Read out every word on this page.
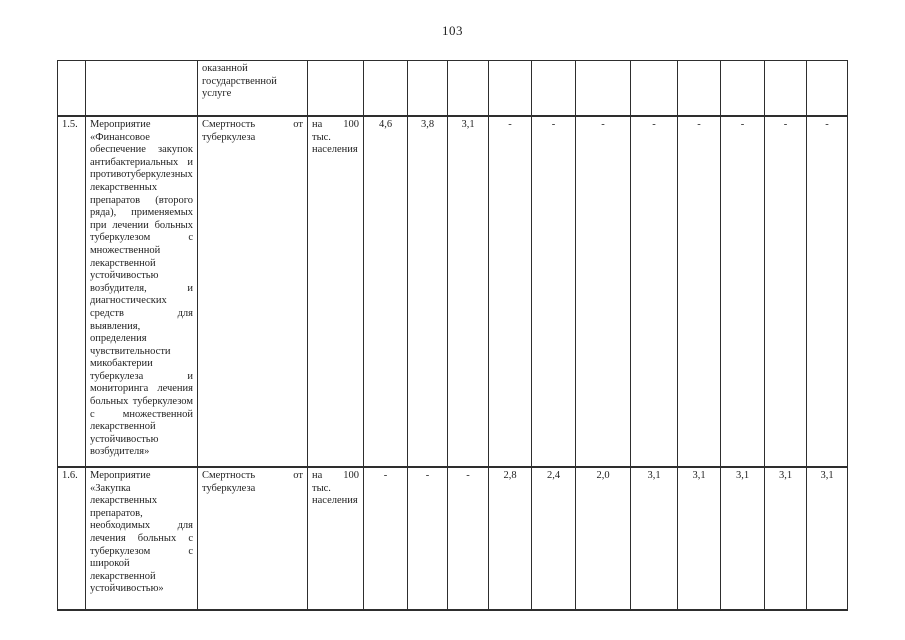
103
		оказанной государственной услуге												
1.5.	Мероприятие «Финансовое обеспечение закупок антибактериальных и противотуберкулезных лекарственных препаратов (второго ряда), применяемых при лечении больных туберкулезом с множественной лекарственной устойчивостью возбудителя, и диагностических средств для выявления, определения чувствительности микобактерии туберкулеза и мониторинга лечения больных туберкулезом с множественной лекарственной устойчивостью возбудителя»	Смертность от туберкулеза	на 100 тыс. населения	4,6	3,8	3,1	-	-	-	-	-	-	-	-
1.6.	Мероприятие «Закупка лекарственных препаратов, необходимых для лечения больных с туберкулезом с широкой лекарственной устойчивостью»	Смертность от туберкулеза	на 100 тыс. населения	-	-	-	2,8	2,4	2,0	3,1	3,1	3,1	3,1	3,1
